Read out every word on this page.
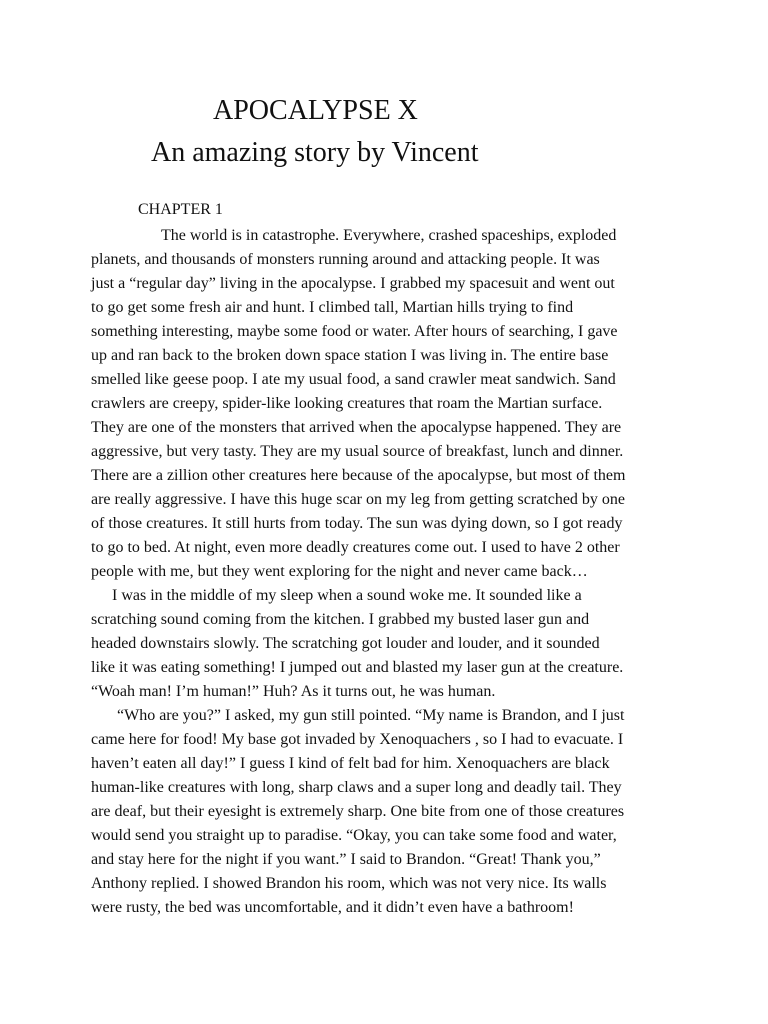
APOCALYPSE X
An amazing story by Vincent
CHAPTER 1
The world is in catastrophe. Everywhere, crashed spaceships, exploded
planets, and thousands of monsters running around and attacking people. It was
just a “regular day” living in the apocalypse. I grabbed my spacesuit and went out
to go get some fresh air and hunt. I climbed tall, Martian hills trying to find
something interesting, maybe some food or water. After hours of searching, I gave
up and ran back to the broken down space station I was living in. The entire base
smelled like geese poop. I ate my usual food, a sand crawler meat sandwich. Sand
crawlers are creepy, spider-like looking creatures that roam the Martian surface.
They are one of the monsters that arrived when the apocalypse happened. They are
aggressive, but very tasty. They are my usual source of breakfast, lunch and dinner.
There are a zillion other creatures here because of the apocalypse, but most of them
are really aggressive. I have this huge scar on my leg from getting scratched by one
of those creatures. It still hurts from today. The sun was dying down, so I got ready
to go to bed. At night, even more deadly creatures come out. I used to have 2 other
people with me, but they went exploring for the night and never came back…
I was in the middle of my sleep when a sound woke me. It sounded like a
scratching sound coming from the kitchen. I grabbed my busted laser gun and
headed downstairs slowly. The scratching got louder and louder, and it sounded
like it was eating something! I jumped out and blasted my laser gun at the creature.
“Woah man! I’m human!” Huh? As it turns out, he was human.
“Who are you?” I asked, my gun still pointed. “My name is Brandon, and I just
came here for food! My base got invaded by Xenoquachers , so I had to evacuate. I
haven’t eaten all day!” I guess I kind of felt bad for him. Xenoquachers are black
human-like creatures with long, sharp claws and a super long and deadly tail. They
are deaf, but their eyesight is extremely sharp. One bite from one of those creatures
would send you straight up to paradise. “Okay, you can take some food and water,
and stay here for the night if you want.” I said to Brandon. “Great! Thank you,”
Anthony replied. I showed Brandon his room, which was not very nice. Its walls
were rusty, the bed was uncomfortable, and it didn’t even have a bathroom!
